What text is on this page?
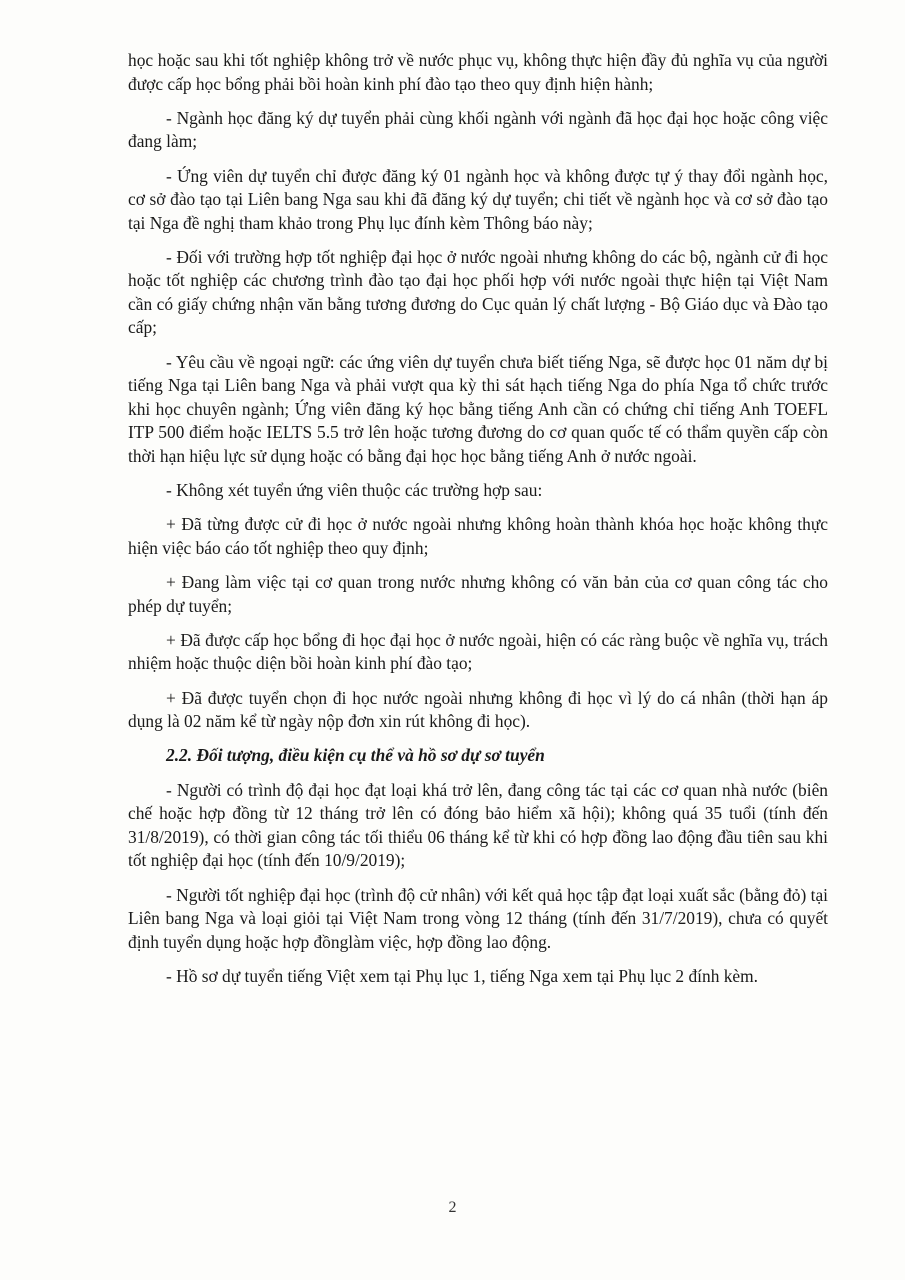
học hoặc sau khi tốt nghiệp không trở về nước phục vụ, không thực hiện đầy đủ nghĩa vụ của người được cấp học bổng phải bồi hoàn kinh phí đào tạo theo quy định hiện hành;

- Ngành học đăng ký dự tuyển phải cùng khối ngành với ngành đã học đại học hoặc công việc đang làm;

- Ứng viên dự tuyển chỉ được đăng ký 01 ngành học và không được tự ý thay đổi ngành học, cơ sở đào tạo tại Liên bang Nga sau khi đã đăng ký dự tuyển; chi tiết về ngành học và cơ sở đào tạo tại Nga đề nghị tham khảo trong Phụ lục đính kèm Thông báo này;

- Đối với trường hợp tốt nghiệp đại học ở nước ngoài nhưng không do các bộ, ngành cử đi học hoặc tốt nghiệp các chương trình đào tạo đại học phối hợp với nước ngoài thực hiện tại Việt Nam cần có giấy chứng nhận văn bằng tương đương do Cục quản lý chất lượng - Bộ Giáo dục và Đào tạo cấp;

- Yêu cầu về ngoại ngữ: các ứng viên dự tuyển chưa biết tiếng Nga, sẽ được học 01 năm dự bị tiếng Nga tại Liên bang Nga và phải vượt qua kỳ thi sát hạch tiếng Nga do phía Nga tổ chức trước khi học chuyên ngành; Ứng viên đăng ký học bằng tiếng Anh cần có chứng chỉ tiếng Anh TOEFL ITP 500 điểm hoặc IELTS 5.5 trở lên hoặc tương đương do cơ quan quốc tế có thẩm quyền cấp còn thời hạn hiệu lực sử dụng hoặc có bằng đại học học bằng tiếng Anh ở nước ngoài.

- Không xét tuyển ứng viên thuộc các trường hợp sau:

+ Đã từng được cử đi học ở nước ngoài nhưng không hoàn thành khóa học hoặc không thực hiện việc báo cáo tốt nghiệp theo quy định;

+ Đang làm việc tại cơ quan trong nước nhưng không có văn bản của cơ quan công tác cho phép dự tuyển;

+ Đã được cấp học bổng đi học đại học ở nước ngoài, hiện có các ràng buộc về nghĩa vụ, trách nhiệm hoặc thuộc diện bồi hoàn kinh phí đào tạo;

+ Đã được tuyển chọn đi học nước ngoài nhưng không đi học vì lý do cá nhân (thời hạn áp dụng là 02 năm kể từ ngày nộp đơn xin rút không đi học).

2.2. Đối tượng, điều kiện cụ thể và hồ sơ dự sơ tuyển

- Người có trình độ đại học đạt loại khá trở lên, đang công tác tại các cơ quan nhà nước (biên chế hoặc hợp đồng từ 12 tháng trở lên có đóng bảo hiểm xã hội); không quá 35 tuổi (tính đến 31/8/2019), có thời gian công tác tối thiểu 06 tháng kể từ khi có hợp đồng lao động đầu tiên sau khi tốt nghiệp đại học (tính đến 10/9/2019);

- Người tốt nghiệp đại học (trình độ cử nhân) với kết quả học tập đạt loại xuất sắc (bằng đỏ) tại Liên bang Nga và loại giỏi tại Việt Nam trong vòng 12 tháng (tính đến 31/7/2019), chưa có quyết định tuyển dụng hoặc hợp đồnglàm việc, hợp đồng lao động.

- Hồ sơ dự tuyển tiếng Việt xem tại Phụ lục 1, tiếng Nga xem tại Phụ lục 2 đính kèm.

2
